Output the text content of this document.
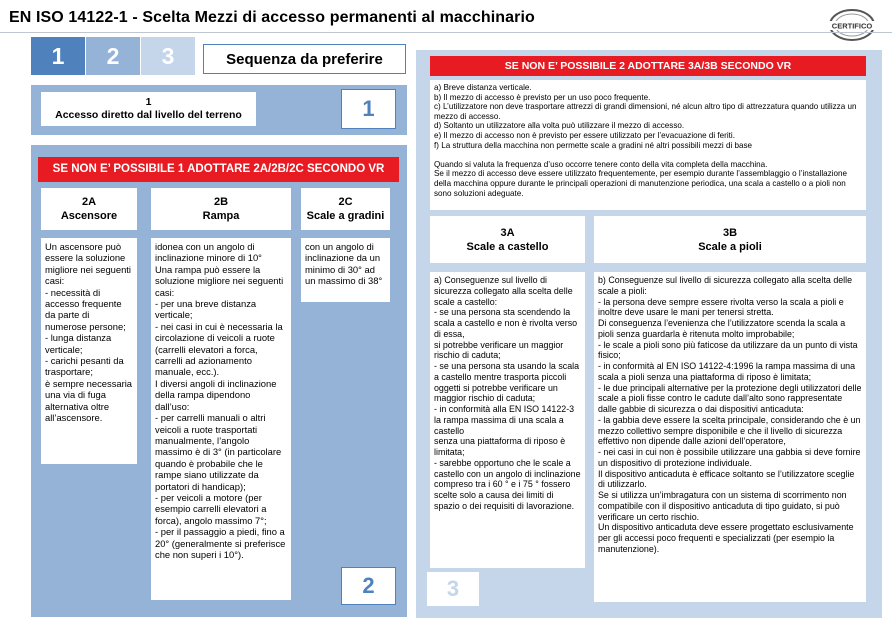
EN ISO 14122-1 - Scelta Mezzi di accesso permanenti al macchinario	CERTIFICO
1	2	3	Sequenza da preferire
1
Accesso diretto dal livello del terreno	1
SE NON E’ POSSIBILE 1 ADOTTARE 2A/2B/2C SECONDO VR
2A
Ascensore
2B
Rampa
2C
Scale a gradini
Un ascensore può essere la soluzione migliore nei seguenti casi:
- necessità di accesso frequente da parte di numerose persone;
- lunga distanza verticale;
- carichi pesanti da trasportare;
è sempre necessaria una via di fuga alternativa oltre all’ascensore.
idonea con un angolo di inclinazione minore di 10°
Una rampa può essere la soluzione migliore nei seguenti casi:
- per una breve distanza verticale;
- nei casi in cui è necessaria la circolazione di veicoli a ruote (carrelli elevatori a forca, carrelli ad azionamento manuale, ecc.).
I diversi angoli di inclinazione della rampa dipendono dall’uso:
- per carrelli manuali o altri veicoli a ruote trasportati manualmente, l’angolo massimo è di 3° (in particolare quando è probabile che le rampe siano utilizzate da portatori di handicap);
- per veicoli a motore (per esempio carrelli elevatori a forca), angolo massimo 7°;
- per il passaggio a piedi, fino a 20° (generalmente si preferisce che non superi i 10°).
con un angolo di inclinazione da un minimo di 30° ad un massimo di 38°
2
SE NON E’ POSSIBILE 2 ADOTTARE 3A/3B SECONDO VR
a) Breve distanza verticale.
b) Il mezzo di accesso è previsto per un uso poco frequente.
c) L’utilizzatore non deve trasportare attrezzi di grandi dimensioni, né alcun altro tipo di attrezzatura quando utilizza un mezzo di accesso.
d) Soltanto un utilizzatore alla volta può utilizzare il mezzo di accesso.
e) Il mezzo di accesso non è previsto per essere utilizzato per l’evacuazione di feriti.
f) La struttura della macchina non permette scale a gradini né altri possibili mezzi di base

Quando si valuta la frequenza d’uso occorre tenere conto della vita completa della macchina.
Se il mezzo di accesso deve essere utilizzato frequentemente, per esempio durante l’assemblaggio o l’installazione della macchina oppure durante le principali operazioni di manutenzione periodica, una scala a castello o a pioli non sono soluzioni adeguate.
3A
Scale a castello
3B
Scale a pioli
a) Conseguenze sul livello di sicurezza collegato alla scelta delle scale a castello:
- se una persona sta scendendo la scala a castello e non è rivolta verso di essa,
si potrebbe verificare un maggior rischio di caduta;
- se una persona sta usando la scala a castello mentre trasporta piccoli oggetti si potrebbe verificare un maggior rischio di caduta;
- in conformità alla EN ISO 14122-3 la rampa massima di una scala a castello
senza una piattaforma di riposo è limitata;
- sarebbe opportuno che le scale a castello con un angolo di inclinazione
compreso tra i 60 ° e i 75 ° fossero scelte solo a causa dei limiti di spazio o dei requisiti di lavorazione.
b) Conseguenze sul livello di sicurezza collegato alla scelta delle scale a pioli:
- la persona deve sempre essere rivolta verso la scala a pioli e inoltre deve usare le mani per tenersi stretta.
Di conseguenza l’evenienza che l’utilizzatore scenda la scala a pioli senza guardarla è ritenuta molto improbabile;
- le scale a pioli sono più faticose da utilizzare da un punto di vista fisico;
- in conformità al EN ISO 14122-4:1996 la rampa massima di una scala a pioli senza una piattaforma di riposo è limitata;
- le due principali alternative per la protezione degli utilizzatori delle scale a pioli fisse contro le cadute dall’alto sono rappresentate dalle gabbie di sicurezza o dai dispositivi anticaduta:
- la gabbia deve essere la scelta principale, considerando che è un mezzo collettivo sempre disponibile e che il livello di sicurezza effettivo non dipende dalle azioni dell’operatore,
- nei casi in cui non è possibile utilizzare una gabbia si deve fornire un dispositivo di protezione individuale.
Il dispositivo anticaduta è efficace soltanto se l’utilizzatore sceglie di utilizzarlo.
Se si utilizza un’imbragatura con un sistema di scorrimento non compatibile con il dispositivo anticaduta di tipo guidato, si può verificare un certo rischio.
Un dispositivo anticaduta deve essere progettato esclusivamente per gli accessi poco frequenti e specializzati (per esempio la manutenzione).
3
